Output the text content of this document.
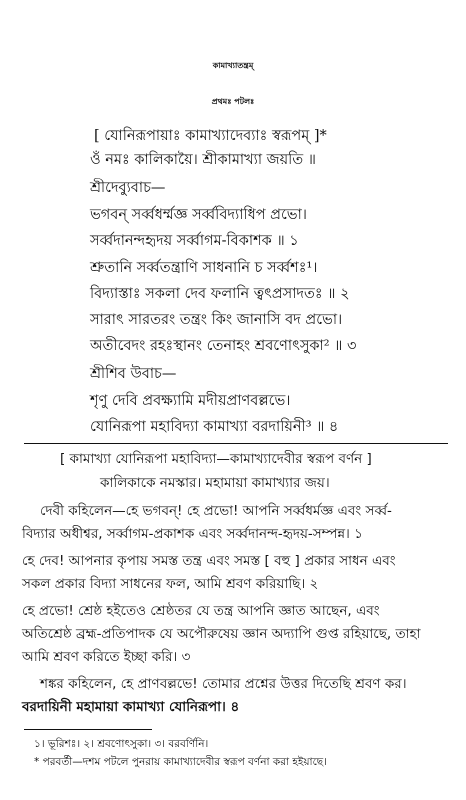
কামাখ্যাতন্ত্রম্
প্রথমঃ পটলঃ
[ যোনিরূপায়াঃ কামাখ্যাদেব্যাঃ স্বরূপম্ ]*
ওঁ নমঃ কালিকায়ৈ। শ্রীকামাখ্যা জয়তি ॥
শ্রীদেব্যুবাচ—
ভগবন্ সর্ব্বধর্ম্মজ্ঞ সর্ব্ববিদ্যাধিপ প্রভো।
সর্ব্বদানন্দহৃদয় সর্ব্বাগম-বিকাশক ॥ ১
শ্রুতানি সর্ব্বতন্ত্রাণি সাধনানি চ সর্ব্বশঃ¹।
বিদ্যাস্তাঃ সকলা দেব ফলানি ত্বৎপ্রসাদতঃ ॥ ২
সারাৎ সারতরং তন্ত্রং কিং জানাসি বদ প্রভো।
অতীবেদং রহঃস্থানং তেনাহং শ্রবণোৎসুকা² ॥ ৩
শ্রীশিব উবাচ—
শৃণু দেবি প্রবক্ষ্যামি মদীয়প্রাণবল্লভে।
যোনিরূপা মহাবিদ্যা কামাখ্যা বরদায়িনী³ ॥ ৪
[ কামাখ্যা যোনিরূপা মহাবিদ্যা—কামাখ্যাদেবীর স্বরূপ বর্ণন ]
কালিকাকে নমস্কার। মহামায়া কামাখ্যার জয়।
দেবী কহিলেন—হে ভগবন্! হে প্রভো! আপনি সর্ব্বধর্মজ্ঞ এবং সর্ব্ব-
বিদ্যার অধীশ্বর, সর্ব্বাগম-প্রকাশক এবং সর্ব্বদানন্দ-হৃদয়-সম্পন্ন। ১
হে দেব! আপনার কৃপায় সমস্ত তন্ত্র এবং সমস্ত [ বহু ] প্রকার সাধন এবং
সকল প্রকার বিদ্যা সাধনের ফল, আমি শ্রবণ করিয়াছি। ২
হে প্রভো! শ্রেষ্ঠ হইতেও শ্রেষ্ঠতর যে তন্ত্র আপনি জ্ঞাত আছেন, এবং
অতিশ্রেষ্ঠ ব্রহ্ম-প্রতিপাদক যে অপৌরুষেয় জ্ঞান অদ্যাপি গুপ্ত রহিয়াছে, তাহা
আমি শ্রবণ করিতে ইচ্ছা করি। ৩
শঙ্কর কহিলেন, হে প্রাণবল্লভে! তোমার প্রশ্নের উত্তর দিতেছি শ্রবণ কর।
বরদায়িনী মহামায়া কামাখ্যা যোনিরূপা। ৪
১। ভূরিশঃ। ২। শ্রবণোৎসুকা। ৩। বরবর্ণিনি।
* পরবর্তী—দশম পটলে পুনরায় কামাখ্যাদেবীর স্বরূপ বর্ণনা করা হইয়াছে।
